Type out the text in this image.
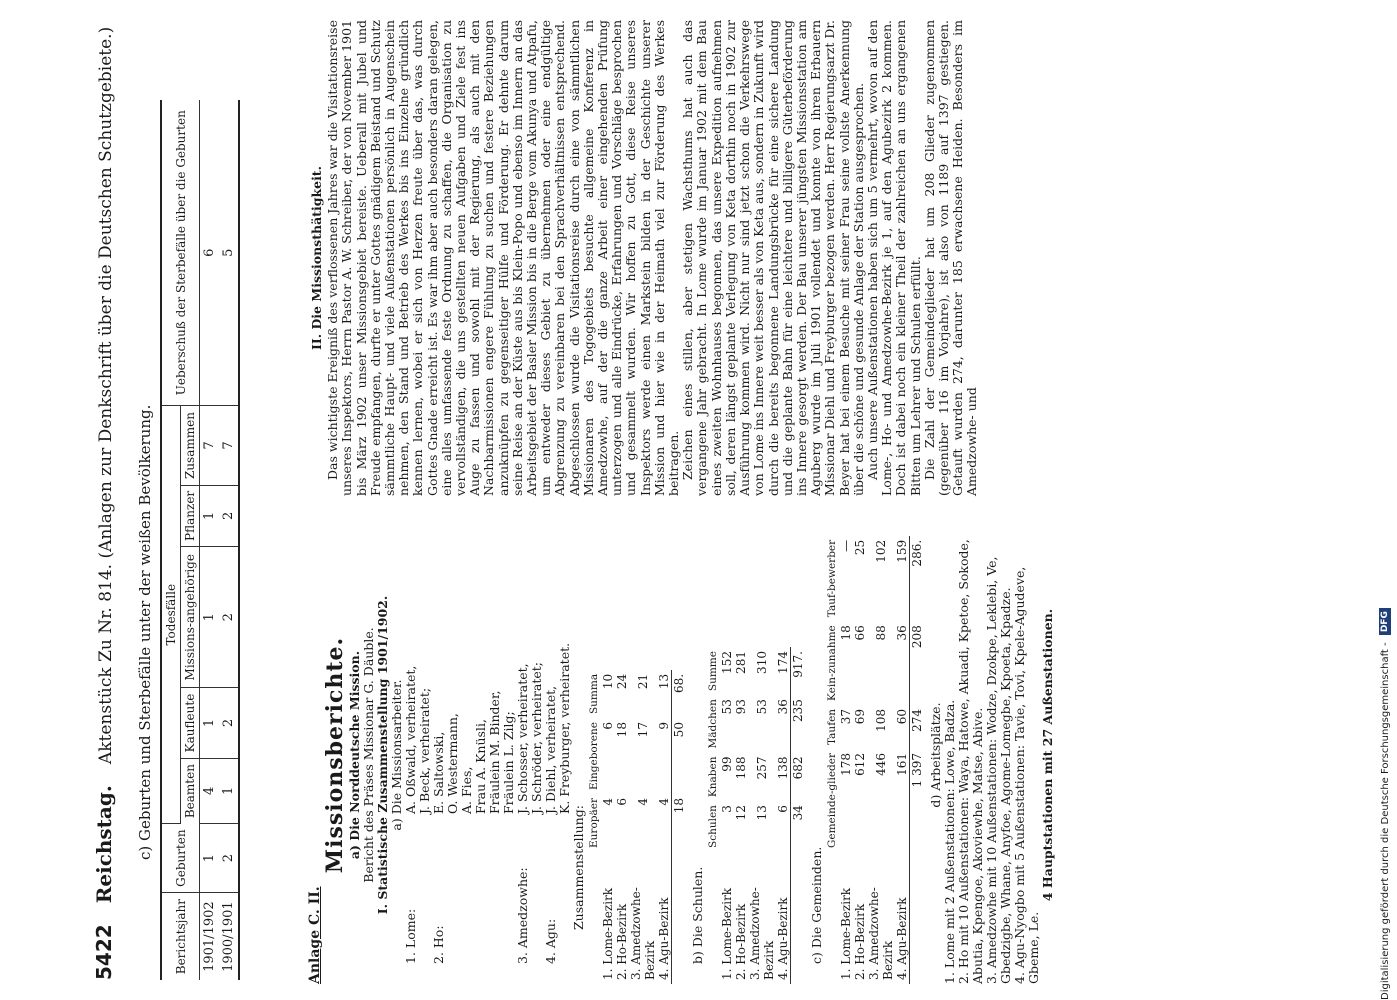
5422 Reichstag. Aktenstück Zu Nr. 814. (Anlagen zur Denkschrift über die Deutschen Schutzgebiete.)	c) Geburten und Sterbefälle unter der weißen Bevölkerung.
Berichtsjahr	Geburten	Todesfälle					Ueberschuß der Sterbefälle über die Geburten
		Beamten	Kaufleute	Missions-angehörige	Pflanzer	Zusammen	
1901/1902	1	4	1	1	1	7	6
1900/1901	2	1	2	2	2	7	5
Anlage C. II.
Missionsberichte. a) Die Norddeutsche Mission. Bericht des Präses Missionar G. Däuble. I. Statistische Zusammenstellung 1901/1902. a) Die Missionsarbeiter.
1. Lome:
A. Oßwald, verheiratet, J. Beck, verheiratet;
2. Ho:
E. Saltowski, O. Westermann, A. Fies, Frau A. Knüsli, Fräulein M. Binder, Fräulein L. Zilg;
3. Amedzowhe:
J. Schosser, verheiratet, J. Schröder, verheiratet;
4. Agu:
J. Diehl, verheiratet, K. Freyburger, verheiratet.
Zusammenstellung:
	Europäer	Eingeborene	Summa
1. Lome-Bezirk	4	6	10
2. Ho-Bezirk	6	18	24
3. Amedzowhe-Bezirk	4	17	21
4. Agu-Bezirk	4	9	13
	18	50	68.
b) Die Schulen.
	Schulen	Knaben	Mädchen	Summe
1. Lome-Bezirk	3	99	53	152
2. Ho-Bezirk	12	188	93	281
3. Amedzowhe-Bezirk	13	257	53	310
4. Agu-Bezirk	6	138	36	174
	34	682	235	917.
c) Die Gemeinden.
	Gemeinde-glieder	Taufen	Kein-zunahme	Tauf-bewerber
1. Lome-Bezirk	178	37	18	—
2. Ho-Bezirk	612	69	66	25
3. Amedzowhe-Bezirk	446	108	88	102
4. Agu-Bezirk	161	60	36	159
	1 397	274	208	286.
d) Arbeitsplätze. 1. Lome mit 2 Außenstationen: Lowe, Badza. 2. Ho mit 10 Außenstationen: Waya, Hatowe, Akuadi, Kpetoe, Sokode, Abutia, Kpengoe, Akoviewhe, Matse, Abive. 3. Amedzowhe mit 10 Außenstationen: Wodze, Dzokpe, Leklebi, Ve, Gbedzigbe, Whane, Anyfoe, Agome-Lomegbe, Kpoeta, Kpadze. 4. Agu-Nyogbo mit 5 Außenstationen: Tavie, Tovi, Kpele-Agudeve, Gbeme, Le.
4 Hauptstationen mit 27 Außenstationen.
II. Die Missionsthätigkeit. Das wichtigste Ereigniß des verflossenen Jahres war die Visitationsreise unseres Inspektors, Herrn Pastor A. W. Schreiber, der von November 1901 bis März 1902 unser Missionsgebiet bereiste. Ueberall mit Jubel und Freude empfangen, durfte er unter Gottes gnädigem Beistand und Schutz sämmtliche Haupt- und viele Außenstationen persönlich in Augenschein nehmen, den Stand und Betrieb des Werkes bis ins Einzelne gründlich kennen lernen, wobei er sich von Herzen freute über das, was durch Gottes Gnade erreicht ist. Es war ihm aber auch besonders daran gelegen, eine alles umfassende feste Ordnung zu schaffen, die Organisation zu vervollständigen, die uns gestellten neuen Aufgaben und Ziele fest ins Auge zu fassen und sowohl mit der Regierung, als auch mit den Nachbarmissionen engere Fühlung zu suchen und festere Beziehungen anzuknüpfen zu gegenseitiger Hülfe und Förderung. Er dehnte darum seine Reise an der Küste aus bis Klein-Popo und ebenso im Innern an das Arbeitsgebiet der Basler Mission bis in die Berge vom Akunya und Atpafu, um entweder dieses Gebiet zu übernehmen oder eine endgültige Abgrenzung zu vereinbaren bei den Sprachverhältnissen entsprechend. Abgeschlossen wurde die Visitationsreise durch eine von sämmtlichen Missionaren des Togogebiets besuchte allgemeine Konferenz in Amedzowhe, auf der die ganze Arbeit einer eingehenden Prüfung unterzogen und alle Eindrücke, Erfahrungen und Vorschläge besprochen und gesammelt wurden. Wir hoffen zu Gott, diese Reise unseres Inspektors werde einen Markstein bilden in der Geschichte unserer Mission und hier wie in der Heimath viel zur Förderung des Werkes beitragen. Zeichen eines stillen, aber stetigen Wachsthums hat auch das vergangene Jahr gebracht. In Lome wurde im Januar 1902 mit dem Bau eines zweiten Wohnhauses begonnen, das unsere Expedition aufnehmen soll, deren längst geplante Verlegung von Keta dorthin noch in 1902 zur Ausführung kommen wird. Nicht nur sind jetzt schon die Verkehrswege von Lome ins Innere weit besser als von Keta aus, sondern in Zukunft wird durch die bereits begonnene Landungsbrücke für eine sichere Landung und die geplante Bahn für eine leichtere und billigere Güterbeförderung ins Innere gesorgt werden. Der Bau unserer jüngsten Missionsstation am Aguberg wurde im Juli 1901 vollendet und konnte von ihren Erbauern Missionar Diehl und Freyburger bezogen werden. Herr Regierungsarzt Dr. Beyer hat bei einem Besuche mit seiner Frau seine vollste Anerkennung über die schöne und gesunde Anlage der Station ausgesprochen. Auch unsere Außenstationen haben sich um 5 vermehrt, wovon auf den Lome-, Ho- und Amedzowhe-Bezirk je 1, auf den Agubezirk 2 kommen. Doch ist dabei noch ein kleiner Theil der zahlreichen an uns ergangenen Bitten um Lehrer und Schulen erfüllt. Die Zahl der Gemeindeglieder hat um 208 Glieder zugenommen (gegenüber 116 im Vorjahre), ist also von 1189 auf 1397 gestiegen. Getauft wurden 274, darunter 185 erwachsene Heiden. Besonders im Amedzowhe- und

Digitalisierung gefördert durch die Deutsche Forschungsgemeinschaft - DFG
